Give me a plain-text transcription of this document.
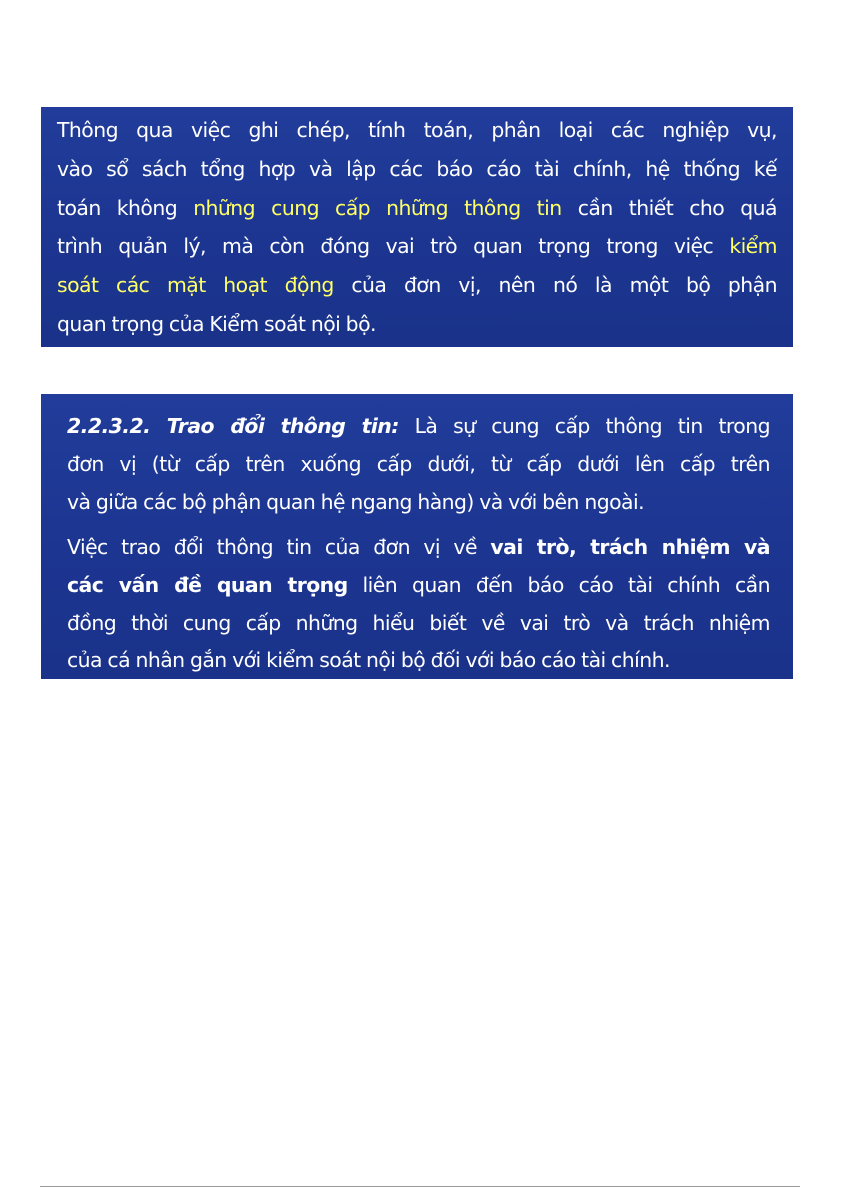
Thông qua việc ghi chép, tính toán, phân loại các nghiệp vụ,
vào sổ sách tổng hợp và lập các báo cáo tài chính, hệ thống kế
toán không những cung cấp những thông tin cần thiết cho quá
trình quản lý, mà còn đóng vai trò quan trọng trong việc kiểm
soát các mặt hoạt động của đơn vị, nên nó là một bộ phận
quan trọng của Kiểm soát nội bộ.

2.2.3.2. Trao đổi thông tin: Là sự cung cấp thông tin trong
đơn vị (từ cấp trên xuống cấp dưới, từ cấp dưới lên cấp trên
và giữa các bộ phận quan hệ ngang hàng) và với bên ngoài.

Việc trao đổi thông tin của đơn vị về vai trò, trách nhiệm và
các vấn đề quan trọng liên quan đến báo cáo tài chính cần
đồng thời cung cấp những hiểu biết về vai trò và trách nhiệm
của cá nhân gắn với kiểm soát nội bộ đối với báo cáo tài chính.
